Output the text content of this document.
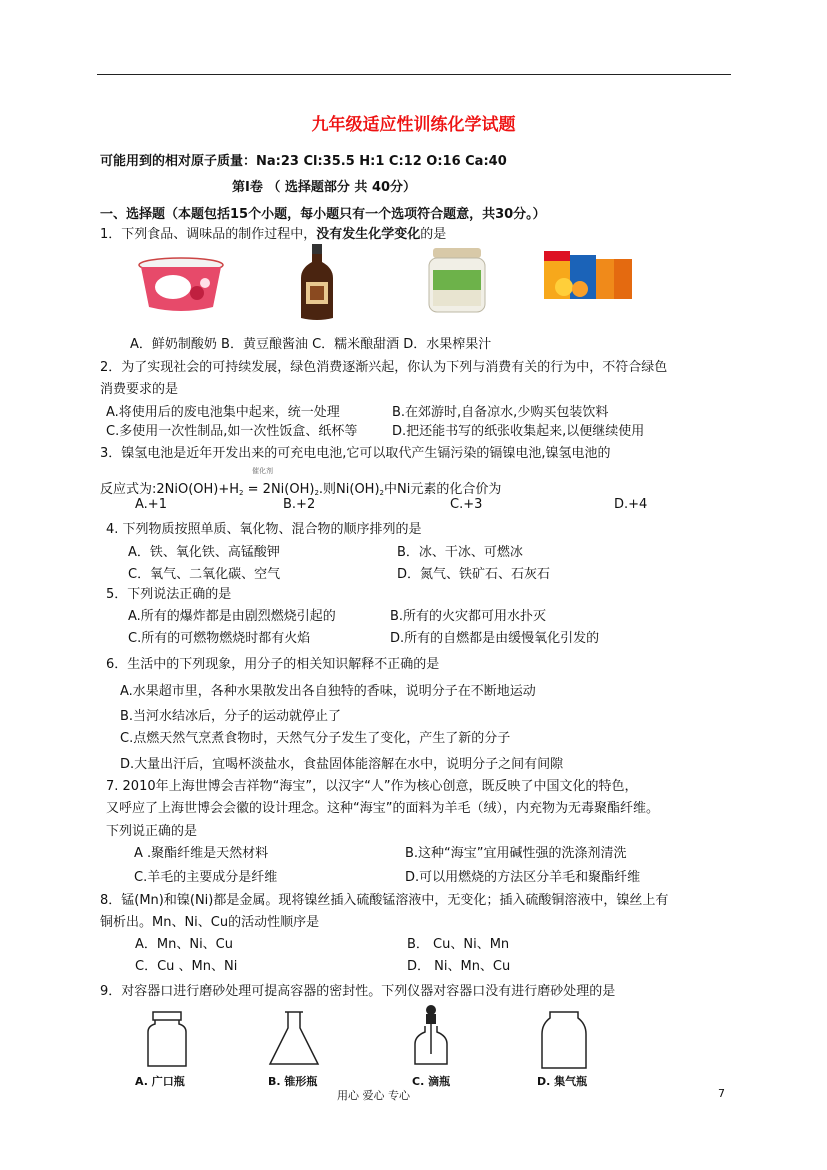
九年级适应性训练化学试题
可能用到的相对原子质量：Na:23 Cl:35.5 H:1 C:12 O:16 Ca:40
第Ⅰ卷 （ 选择题部分 共 40分）
一、选择题（本题包括15个小题，每小题只有一个选项符合题意，共30分。）
1．下列食品、调味品的制作过程中，没有发生化学变化的是
A．鲜奶制酸奶 B．黄豆酿酱油 C．糯米酿甜酒 D．水果榨果汁
2．为了实现社会的可持续发展，绿色消费逐渐兴起，你认为下列与消费有关的行为中，不符合绿色
消费要求的是
A.将使用后的废电池集中起来，统一处理	B.在郊游时,自备凉水,少购买包装饮料
C.多使用一次性制品,如一次性饭盒、纸杯等	D.把还能书写的纸张收集起来,以便继续使用
3．镍氢电池是近年开发出来的可充电电池,它可以取代产生镉污染的镉镍电池,镍氢电池的
催化剂
反应式为$:2NiO(OH)+H_2 = 2Ni(OH)_2$.则$Ni(OH)_2$中Ni元素的化合价为
A.+1	B.+2	C.+3	D.+4
4. 下列物质按照单质、氧化物、混合物的顺序排列的是
A．铁、氧化铁、高锰酸钾	B．冰、干冰、可燃冰
C．氧气、二氧化碳、空气	D．氮气、铁矿石、石灰石
5．下列说法正确的是
A.所有的爆炸都是由剧烈燃烧引起的	B.所有的火灾都可用水扑灭
C.所有的可燃物燃烧时都有火焰	D.所有的自燃都是由缓慢氧化引发的
6．生活中的下列现象，用分子的相关知识解释不正确的是
A.水果超市里，各种水果散发出各自独特的香味，说明分子在不断地运动
B.当河水结冰后，分子的运动就停止了
C.点燃天然气烹煮食物时，天然气分子发生了变化，产生了新的分子
D.大量出汗后，宜喝杯淡盐水，食盐固体能溶解在水中，说明分子之间有间隙
7. 2010年上海世博会吉祥物“海宝”，以汉字“人”作为核心创意，既反映了中国文化的特色，
又呼应了上海世博会会徽的设计理念。这种“海宝”的面料为羊毛（绒），内充物为无毒聚酯纤维。
下列说正确的是
A .聚酯纤维是天然材料	B.这种“海宝”宜用碱性强的洗涤剂清洗
C.羊毛的主要成分是纤维	D.可以用燃烧的方法区分羊毛和聚酯纤维
8．锰(Mn)和镍(Ni)都是金属。现将镍丝插入硫酸锰溶液中，无变化；插入硫酸铜溶液中，镍丝上有
铜析出。Mn、Ni、Cu的活动性顺序是
A．Mn、Ni、Cu	B． Cu、Ni、Mn
C．Cu 、Mn、Ni	D． Ni、Mn、Cu
9．对容器口进行磨砂处理可提高容器的密封性。下列仪器对容器口没有进行磨砂处理的是
A. 广口瓶	B. 锥形瓶	C. 滴瓶	D. 集气瓶
用心 爱心 专心	7
